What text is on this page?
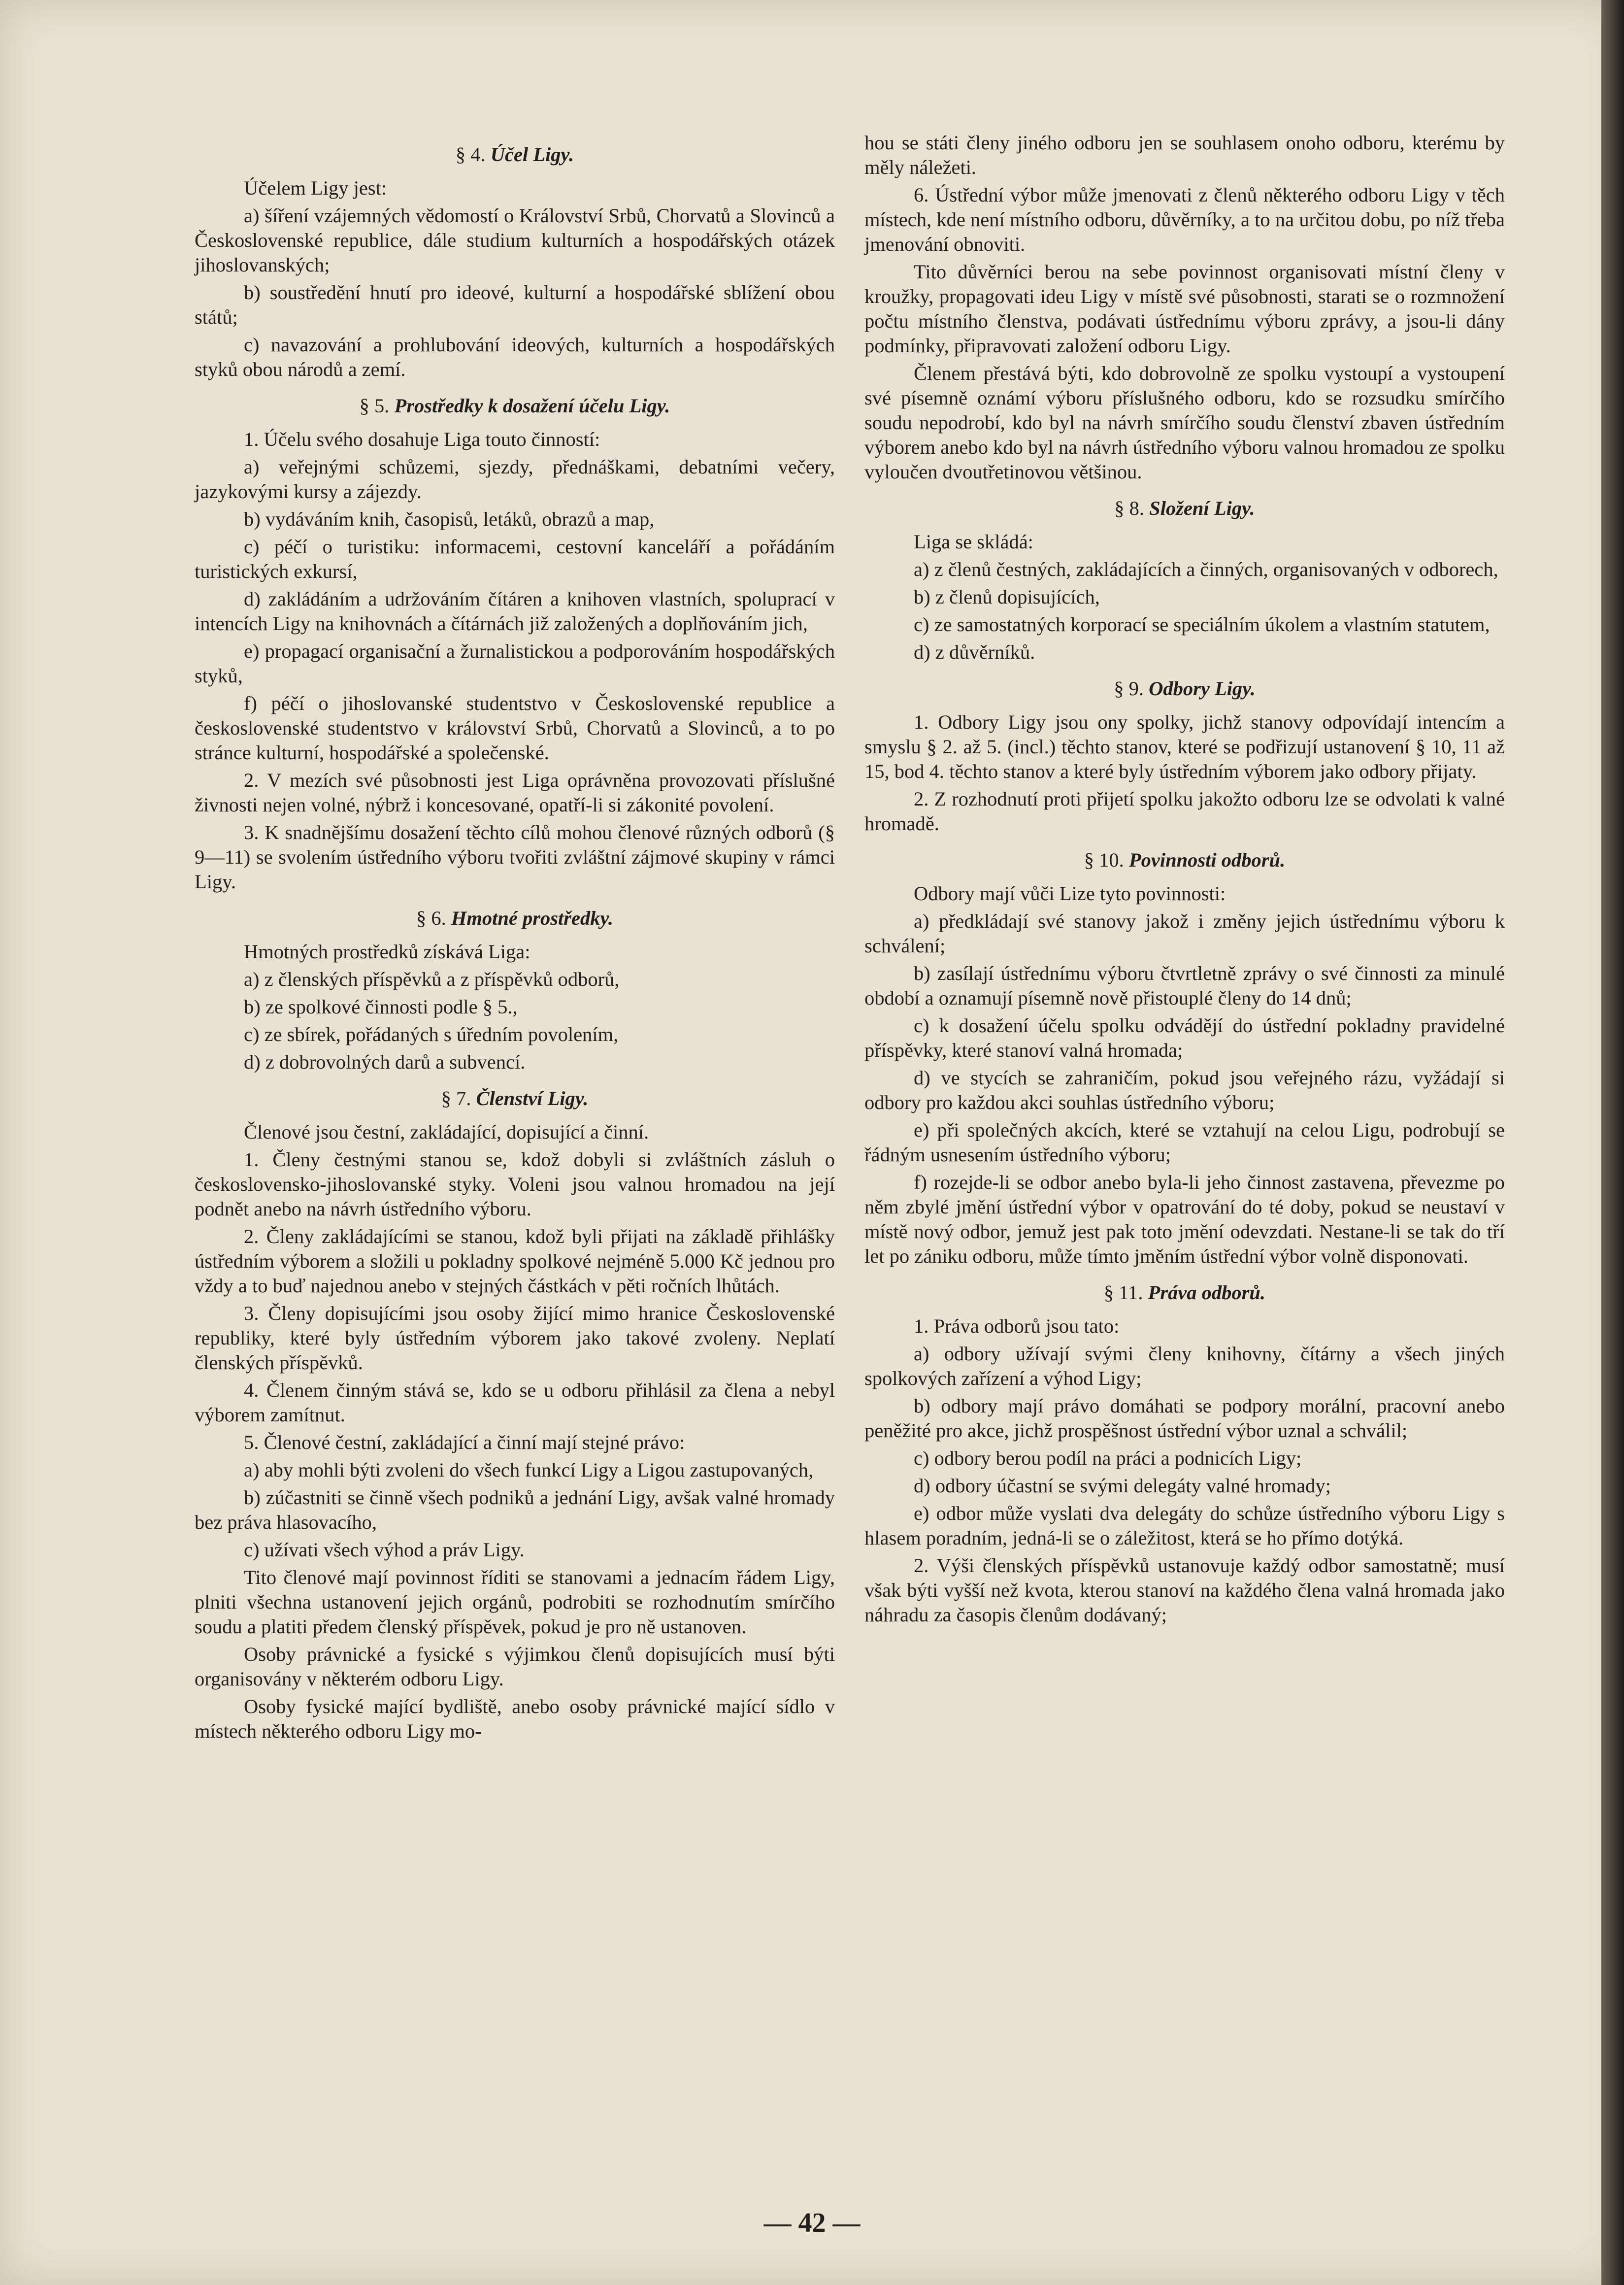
§ 4. Účel Ligy.
Účelem Ligy jest:
a) šíření vzájemných vědomostí o Království Srbů, Chorvatů a Slovinců a Československé republice, dále studium kulturních a hospodářských otázek jihoslovanských;
b) soustředění hnutí pro ideové, kulturní a hospodářské sblížení obou států;
c) navazování a prohlubování ideových, kulturních a hospodářských styků obou národů a zemí.
§ 5. Prostředky k dosažení účelu Ligy.
1. Účelu svého dosahuje Liga touto činností:
a) veřejnými schůzemi, sjezdy, přednáškami, debatními večery, jazykovými kursy a zájezdy.
b) vydáváním knih, časopisů, letáků, obrazů a map,
c) péčí o turistiku: informacemi, cestovní kanceláří a pořádáním turistických exkursí,
d) zakládáním a udržováním čítáren a knihoven vlastních, spoluprací v intencích Ligy na knihovnách a čítárnách již založených a doplňováním jich,
e) propagací organisační a žurnalistickou a podporováním hospodářských styků,
f) péčí o jihoslovanské studentstvo v Československé republice a československé studentstvo v království Srbů, Chorvatů a Slovinců, a to po stránce kulturní, hospodářské a společenské.
2. V mezích své působnosti jest Liga oprávněna provozovati příslušné živnosti nejen volné, nýbrž i koncesované, opatří-li si zákonité povolení.
3. K snadnějšímu dosažení těchto cílů mohou členové různých odborů (§ 9—11) se svolením ústředního výboru tvořiti zvláštní zájmové skupiny v rámci Ligy.
§ 6. Hmotné prostředky.
Hmotných prostředků získává Liga:
a) z členských příspěvků a z příspěvků odborů,
b) ze spolkové činnosti podle § 5.,
c) ze sbírek, pořádaných s úředním povolením,
d) z dobrovolných darů a subvencí.
§ 7. Členství Ligy.
Členové jsou čestní, zakládající, dopisující a činní.
1. Členy čestnými stanou se, kdož dobyli si zvláštních zásluh o československo-jihoslovanské styky. Voleni jsou valnou hromadou na její podnět anebo na návrh ústředního výboru.
2. Členy zakládajícími se stanou, kdož byli přijati na základě přihlášky ústředním výborem a složili u pokladny spolkové nejméně 5.000 Kč jednou pro vždy a to buď najednou anebo v stejných částkách v pěti ročních lhůtách.
3. Členy dopisujícími jsou osoby žijící mimo hranice Československé republiky, které byly ústředním výborem jako takové zvoleny. Neplatí členských příspěvků.
4. Členem činným stává se, kdo se u odboru přihlásil za člena a nebyl výborem zamítnut.
5. Členové čestní, zakládající a činní mají stejné právo:
a) aby mohli býti zvoleni do všech funkcí Ligy a Ligou zastupovaných,
b) zúčastniti se činně všech podniků a jednání Ligy, avšak valné hromady bez práva hlasovacího,
c) užívati všech výhod a práv Ligy.
Tito členové mají povinnost říditi se stanovami a jednacím řádem Ligy, plniti všechna ustanovení jejich orgánů, podrobiti se rozhodnutím smírčího soudu a platiti předem členský příspěvek, pokud je pro ně ustanoven.
Osoby právnické a fysické s výjimkou členů dopisujících musí býti organisovány v některém odboru Ligy.
Osoby fysické mající bydliště, anebo osoby právnické mající sídlo v místech některého odboru Ligy mo-
hou se státi členy jiného odboru jen se souhlasem onoho odboru, kterému by měly náležeti.
6. Ústřední výbor může jmenovati z členů některého odboru Ligy v těch místech, kde není místního odboru, důvěrníky, a to na určitou dobu, po níž třeba jmenování obnoviti.
Tito důvěrníci berou na sebe povinnost organisovati místní členy v kroužky, propagovati ideu Ligy v místě své působnosti, starati se o rozmnožení počtu místního členstva, podávati ústřednímu výboru zprávy, a jsou-li dány podmínky, připravovati založení odboru Ligy.
Členem přestává býti, kdo dobrovolně ze spolku vystoupí a vystoupení své písemně oznámí výboru příslušného odboru, kdo se rozsudku smírčího soudu nepodrobí, kdo byl na návrh smírčího soudu členství zbaven ústředním výborem anebo kdo byl na návrh ústředního výboru valnou hromadou ze spolku vyloučen dvoutřetinovou většinou.
§ 8. Složení Ligy.
Liga se skládá:
a) z členů čestných, zakládajících a činných, organisovaných v odborech,
b) z členů dopisujících,
c) ze samostatných korporací se speciálním úkolem a vlastním statutem,
d) z důvěrníků.
§ 9. Odbory Ligy.
1. Odbory Ligy jsou ony spolky, jichž stanovy odpovídají intencím a smyslu § 2. až 5. (incl.) těchto stanov, které se podřizují ustanovení § 10, 11 až 15, bod 4. těchto stanov a které byly ústředním výborem jako odbory přijaty.
2. Z rozhodnutí proti přijetí spolku jakožto odboru lze se odvolati k valné hromadě.
§ 10. Povinnosti odborů.
Odbory mají vůči Lize tyto povinnosti:
a) předkládají své stanovy jakož i změny jejich ústřednímu výboru k schválení;
b) zasílají ústřednímu výboru čtvrtletně zprávy o své činnosti za minulé období a oznamují písemně nově přistouplé členy do 14 dnů;
c) k dosažení účelu spolku odvádějí do ústřední pokladny pravidelné příspěvky, které stanoví valná hromada;
d) ve stycích se zahraničím, pokud jsou veřejného rázu, vyžádají si odbory pro každou akci souhlas ústředního výboru;
e) při společných akcích, které se vztahují na celou Ligu, podrobují se řádným usnesením ústředního výboru;
f) rozejde-li se odbor anebo byla-li jeho činnost zastavena, převezme po něm zbylé jmění ústřední výbor v opatrování do té doby, pokud se neustaví v místě nový odbor, jemuž jest pak toto jmění odevzdati. Nestane-li se tak do tří let po zániku odboru, může tímto jměním ústřední výbor volně disponovati.
§ 11. Práva odborů.
1. Práva odborů jsou tato:
a) odbory užívají svými členy knihovny, čítárny a všech jiných spolkových zařízení a výhod Ligy;
b) odbory mají právo domáhati se podpory morální, pracovní anebo peněžité pro akce, jichž prospěšnost ústřední výbor uznal a schválil;
c) odbory berou podíl na práci a podnicích Ligy;
d) odbory účastní se svými delegáty valné hromady;
e) odbor může vyslati dva delegáty do schůze ústředního výboru Ligy s hlasem poradním, jedná-li se o záležitost, která se ho přímo dotýká.
2. Výši členských příspěvků ustanovuje každý odbor samostatně; musí však býti vyšší než kvota, kterou stanoví na každého člena valná hromada jako náhradu za časopis členům dodávaný;
— 42 —
